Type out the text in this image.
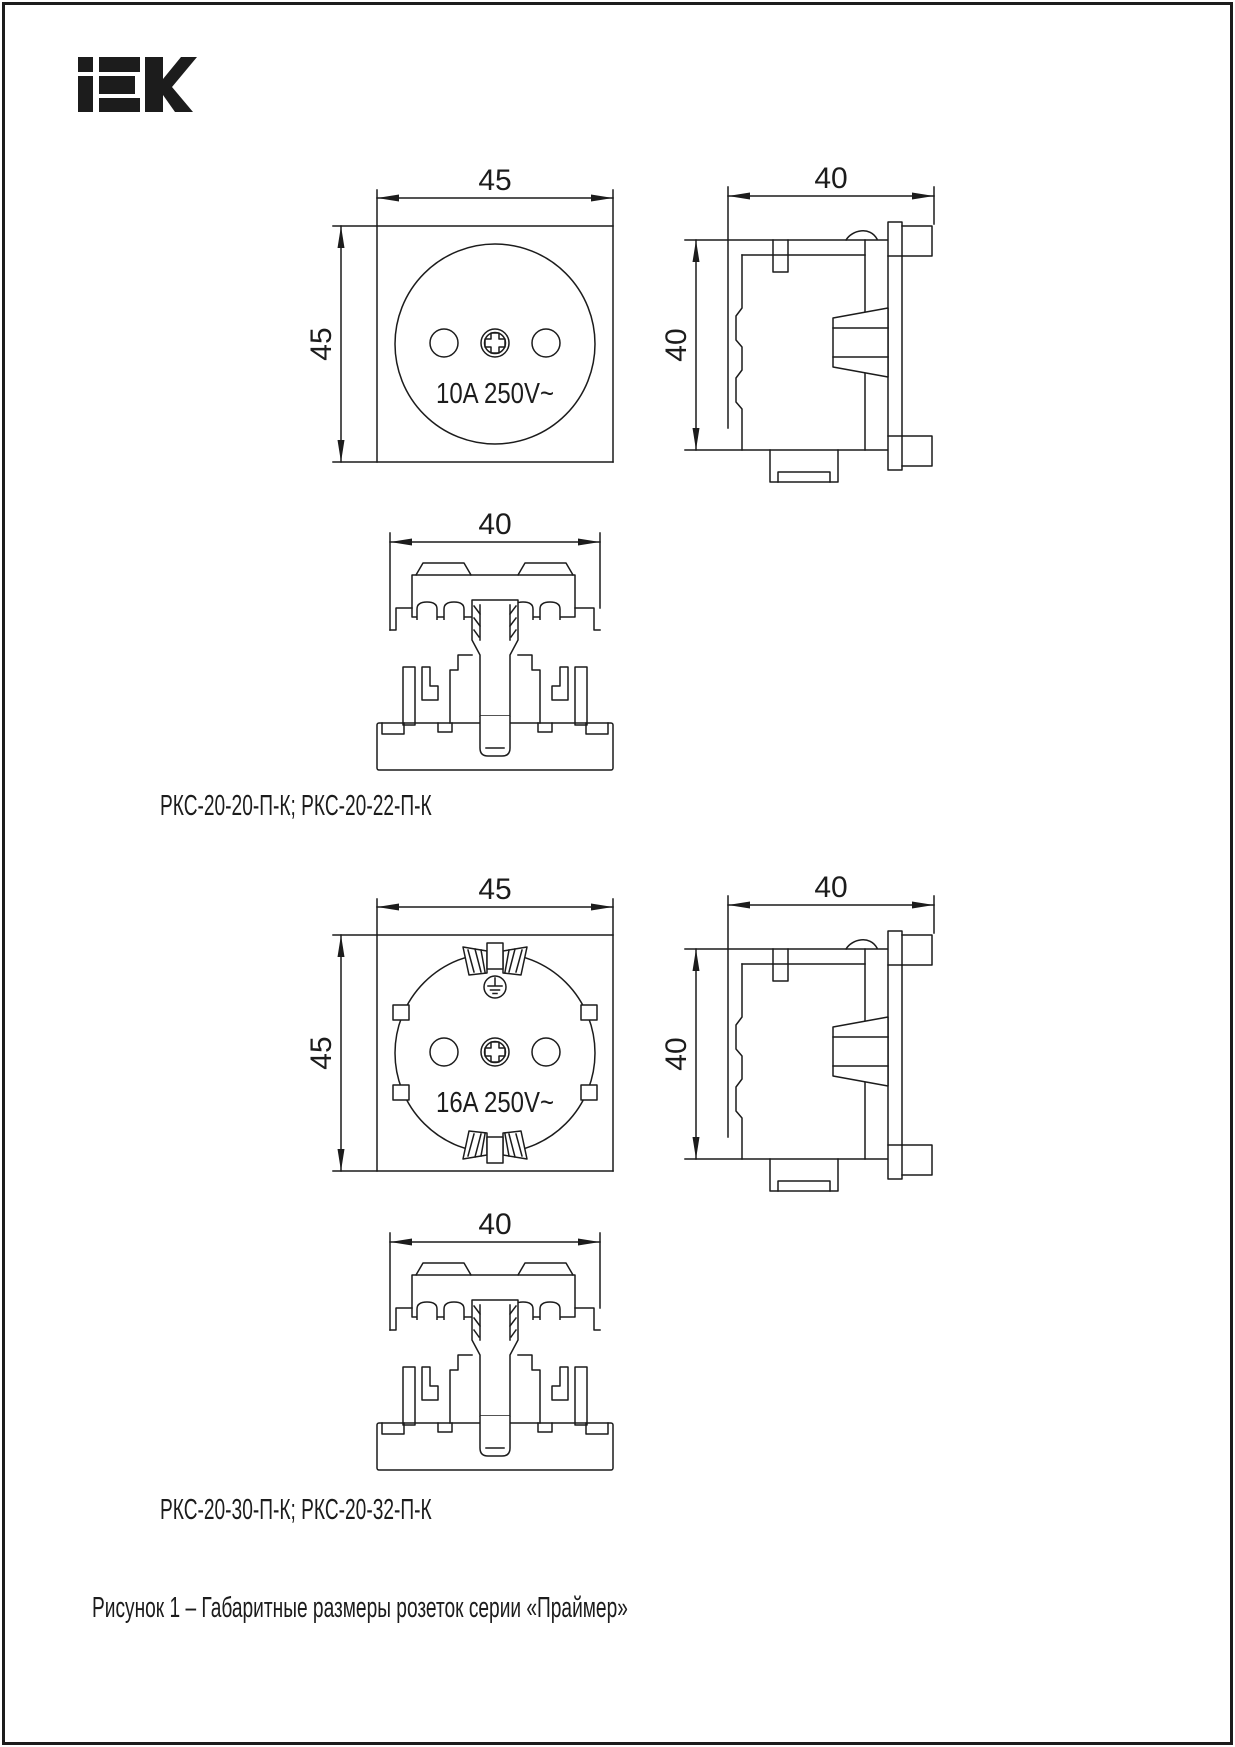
45
45
10A 250V~
40
40
40
РКС-20-20-П-К; РКС-20-22-П-К
45
45
16A 250V~
40
40
40
РКС-20-30-П-К; РКС-20-32-П-К
Рисунок 1 – Габаритные размеры розеток серии «Праймер»
